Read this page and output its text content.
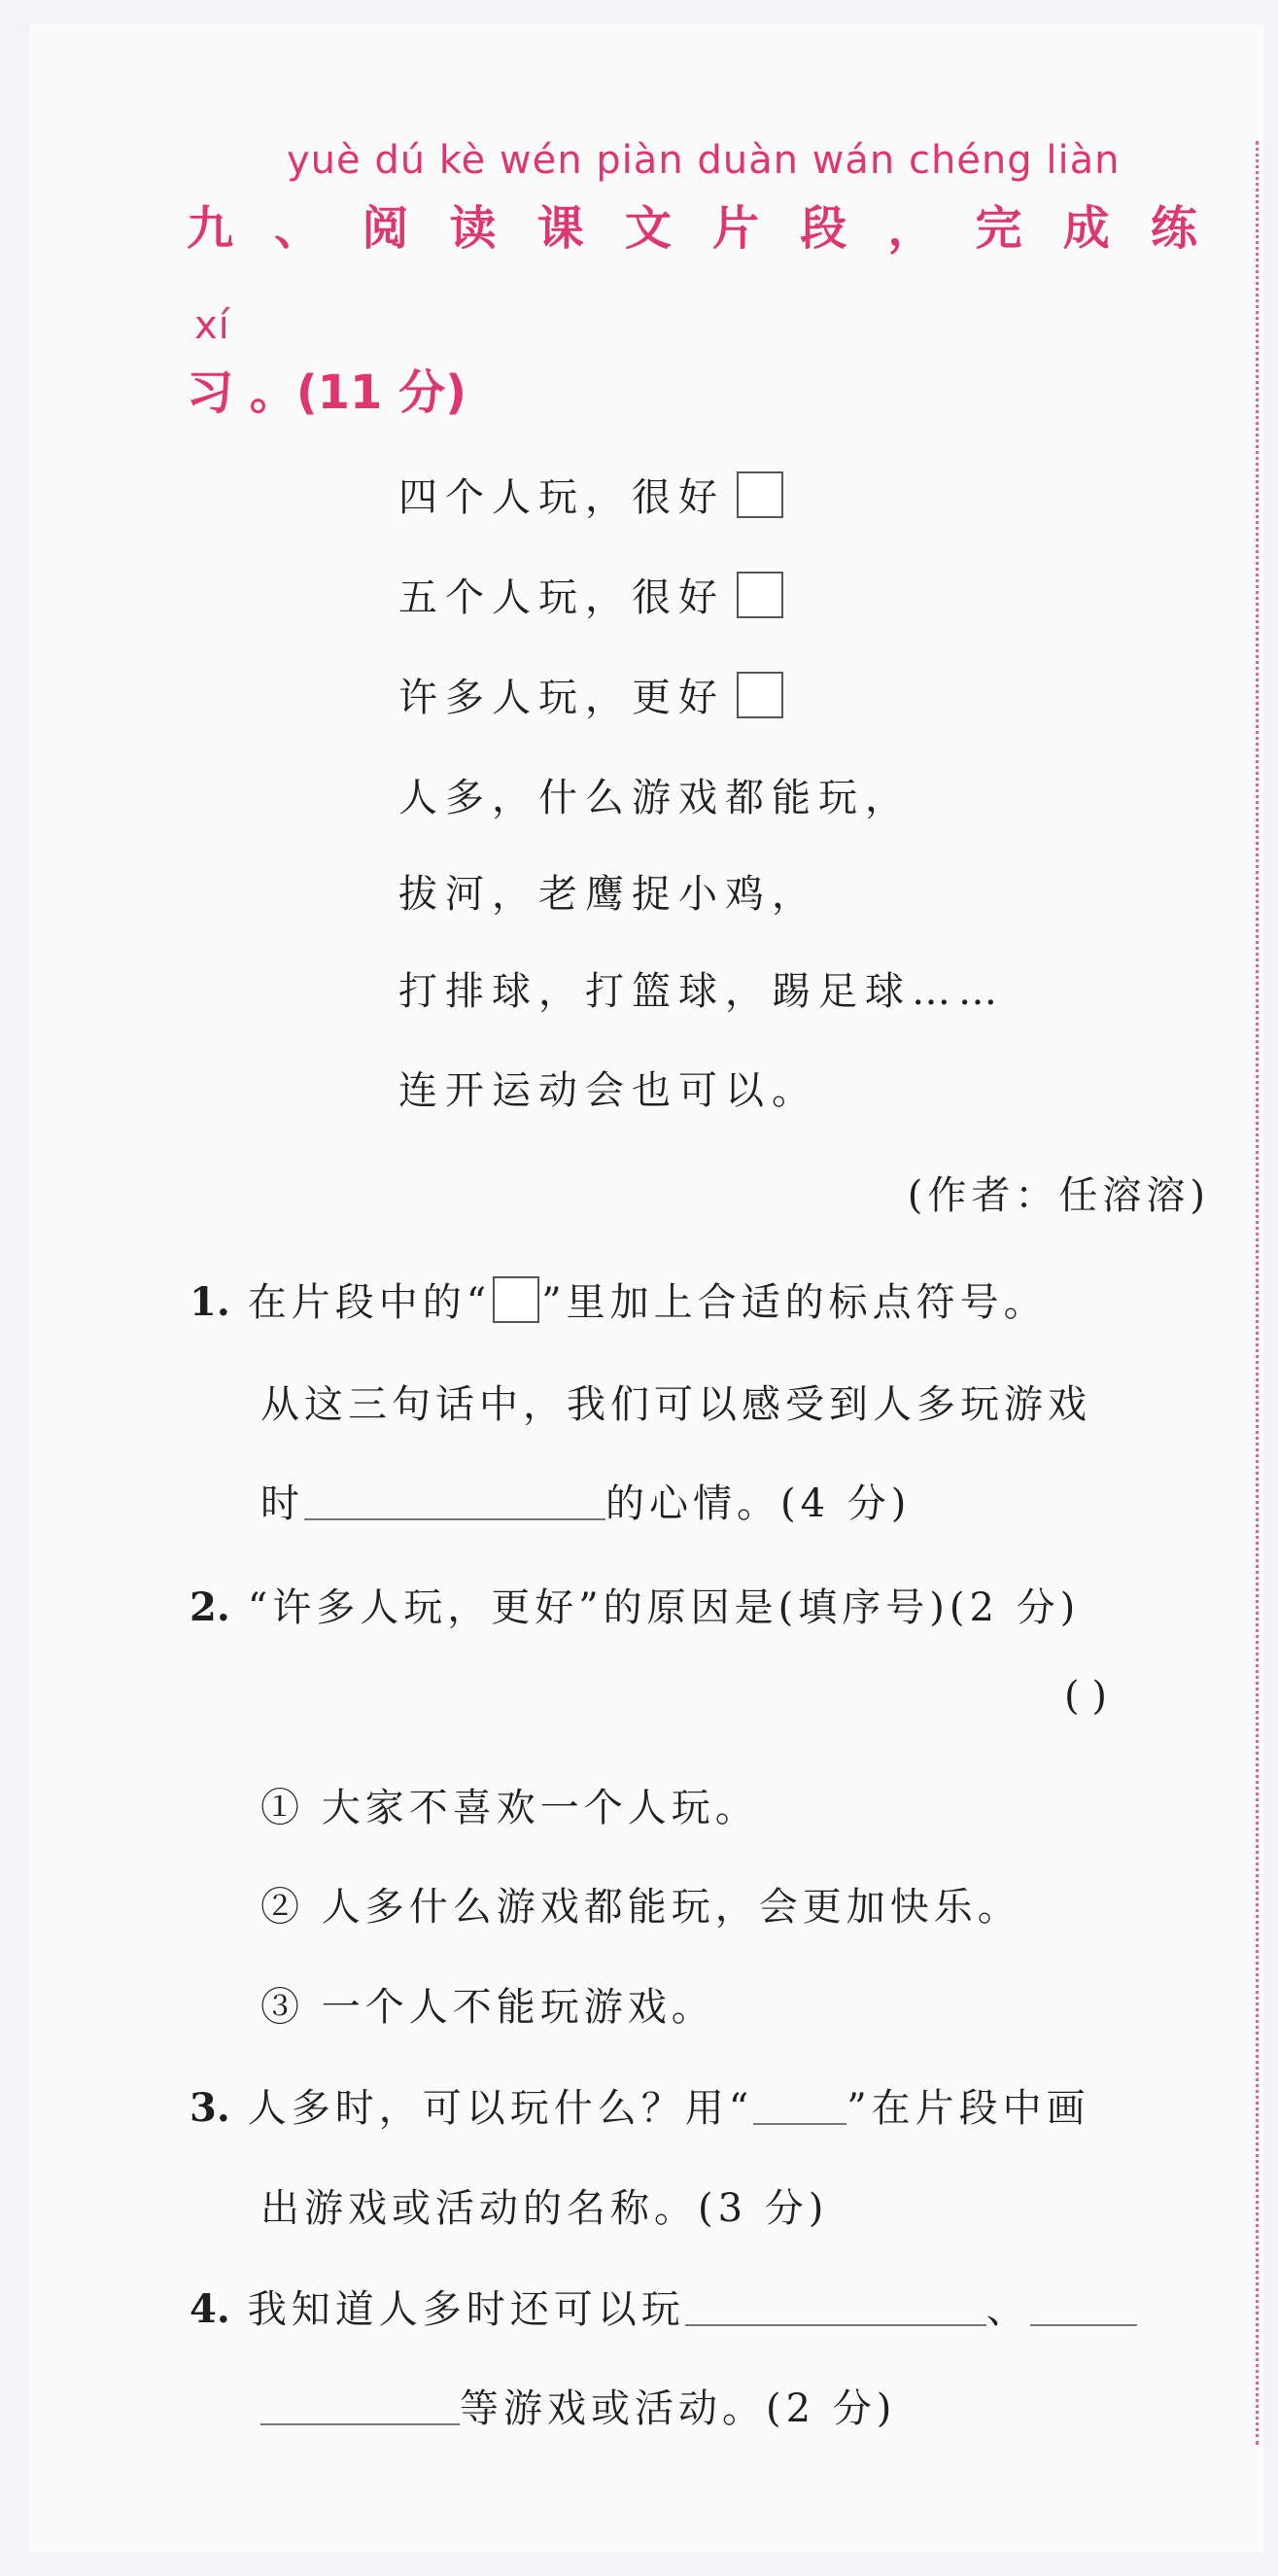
yuè dú kè wén piàn duàn wán chéng liàn
九 、 阅 读 课 文 片 段 ， 完 成 练
xí
习 。(11 分)
四个人玩，很好
五个人玩，很好
许多人玩，更好
人多，什么游戏都能玩，
拔河，老鹰捉小鸡，
打排球，打篮球，踢足球……
连开运动会也可以。
(作者：任溶溶)
1. 在片段中的“ ”里加上合适的标点符号。
从这三句话中，我们可以感受到人多玩游戏
时	的心情。(4 分)
2. “许多人玩，更好”的原因是(填序号)(2 分)
( )
① 大家不喜欢一个人玩。
② 人多什么游戏都能玩，会更加快乐。
③ 一个人不能玩游戏。
3. 人多时，可以玩什么？用“ ”在片段中画
出游戏或活动的名称。(3 分)
4. 我知道人多时还可以玩	、
等游戏或活动。(2 分)
